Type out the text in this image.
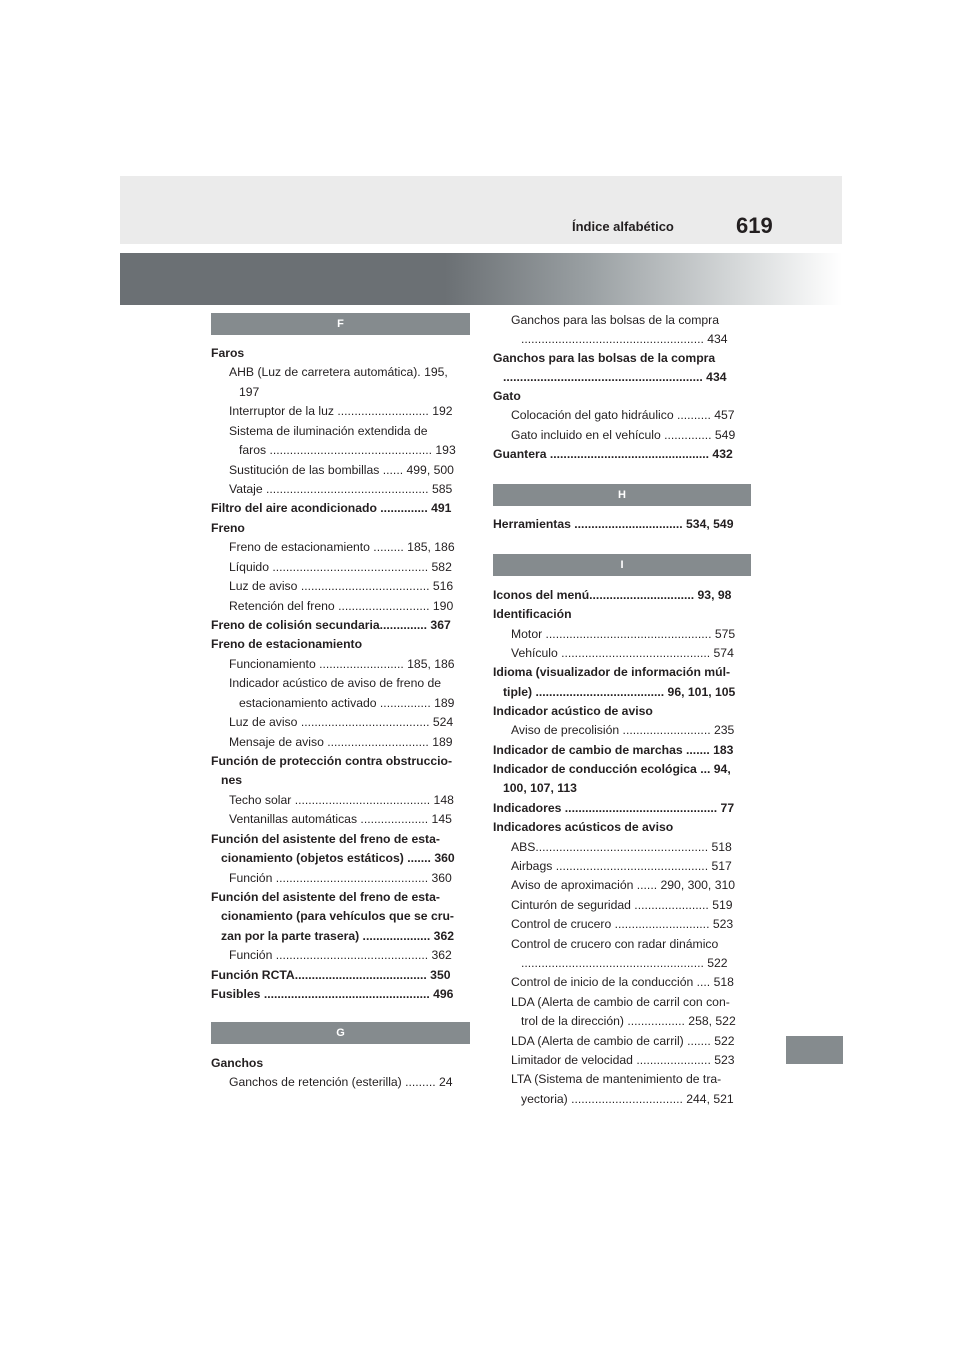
Índice alfabético	619
F
G
H
I
Faros
AHB (Luz de carretera automática). 195,
197
Interruptor de la luz ........................... 192
Sistema de iluminación extendida de
faros ................................................ 193
Sustitución de las bombillas ...... 499, 500
Vataje ................................................ 585
Filtro del aire acondicionado .............. 491
Freno
Freno de estacionamiento ......... 185, 186
Líquido .............................................. 582
Luz de aviso ...................................... 516
Retención del freno ........................... 190
Freno de colisión secundaria.............. 367
Freno de estacionamiento
Funcionamiento ......................... 185, 186
Indicador acústico de aviso de freno de
estacionamiento activado ............... 189
Luz de aviso ...................................... 524
Mensaje de aviso .............................. 189
Función de protección contra obstruccio-
nes
Techo solar ........................................ 148
Ventanillas automáticas .................... 145
Función del asistente del freno de esta-
cionamiento (objetos estáticos) ....... 360
Función ............................................. 360
Función del asistente del freno de esta-
cionamiento (para vehículos que se cru-
zan por la parte trasera) .................... 362
Función ............................................. 362
Función RCTA....................................... 350
Fusibles ................................................. 496
Ganchos
Ganchos de retención (esterilla) ......... 24
Ganchos para las bolsas de la compra
...................................................... 434
Ganchos para las bolsas de la compra
........................................................... 434
Gato
Colocación del gato hidráulico .......... 457
Gato incluido en el vehículo .............. 549
Guantera ............................................... 432
Herramientas ................................ 534, 549
Iconos del menú............................... 93, 98
Identificación
Motor ................................................. 575
Vehículo ............................................ 574
Idioma (visualizador de información múl-
tiple) ...................................... 96, 101, 105
Indicador acústico de aviso
Aviso de precolisión .......................... 235
Indicador de cambio de marchas ....... 183
Indicador de conducción ecológica ... 94,
100, 107, 113
Indicadores ............................................. 77
Indicadores acústicos de aviso
ABS................................................... 518
Airbags ............................................. 517
Aviso de aproximación ...... 290, 300, 310
Cinturón de seguridad ...................... 519
Control de crucero ............................ 523
Control de crucero con radar dinámico
...................................................... 522
Control de inicio de la conducción .... 518
LDA (Alerta de cambio de carril con con-
trol de la dirección) ................. 258, 522
LDA (Alerta de cambio de carril) ....... 522
Limitador de velocidad ...................... 523
LTA (Sistema de mantenimiento de tra-
yectoria) ................................. 244, 521
